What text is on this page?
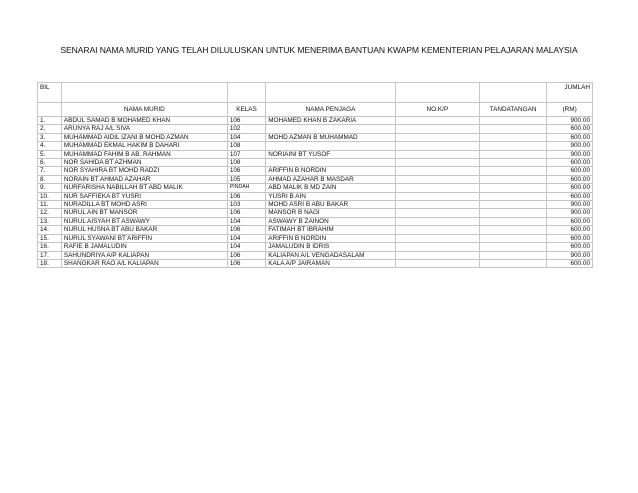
SENARAI NAMA MURID YANG TELAH DILULUSKAN UNTUK MENERIMA BANTUAN KWAPM KEMENTERIAN PELAJARAN MALAYSIA
BIL						JUMLAH
	NAMA MURID	KELAS	NAMA PENJAGA	NO.K/P	TANDATANGAN	(RM)
1.	ABDUL SAMAD B MOHAMED KHAN	106	MOHAMED KHAN B ZAKARIA			900.00
2.	ARUNYA RAJ A/L SIVA	102				600.00
3.	MUHAMMAD AIDIL IZANI B MOHD AZMAN	104	MOHD AZMAN B MUHAMMAD			600.00
4.	MUHAMMAD EKMAL HAKIM B DAHARI	108				900.00
5.	MUHAMMAD FAHIM B AB. RAHMAN	107	NORIAINI BT YUSOF			900.00
6.	NOR SAHIDA BT AZHMAN	108				600.00
7.	NOR SYAHIRA BT MOHD RADZI	106	ARIFFIN B NORDIN			600.00
8.	NORAIN BT AHMAD AZAHAR	105	AHMAD AZAHAR B MASDAR			600.00
9.	NURFARISHA NABILLAH BT ABD MALIK	PINDAH	ABD MALIK B MD ZAIN			600.00
10.	NUR SAFFIEKA BT YUSRI	106	YUSRI B AIN			600.00
11.	NURADILLA BT MOHD ASRI	103	MOHD ASRI B ABU BAKAR			900.00
12.	NURUL AIN BT MANSOR	106	MANSOR B NAGI			900.00
13.	NURUL AISYAH BT ASWAWY	104	ASWAWY B ZAINON			600.00
14.	NURUL HUSNA BT ABU BAKAR	106	FATIMAH BT IBRAHIM			600.00
15.	NURUL SYAWANI BT ARIFFIN	104	ARIFFIN B NORDIN			600.00
16.	RAFIE B JAMALUDIN	104	JAMALUDIN B IDRIS			600.00
17.	SAHUNDRIYA A/P KALIAPAN	106	KALIAPAN A/L VENGADASALAM			900.00
18.	SHANGKAR RAO A/L KALIAPAN	106	KALA A/P JAIRAMAN			600.00
